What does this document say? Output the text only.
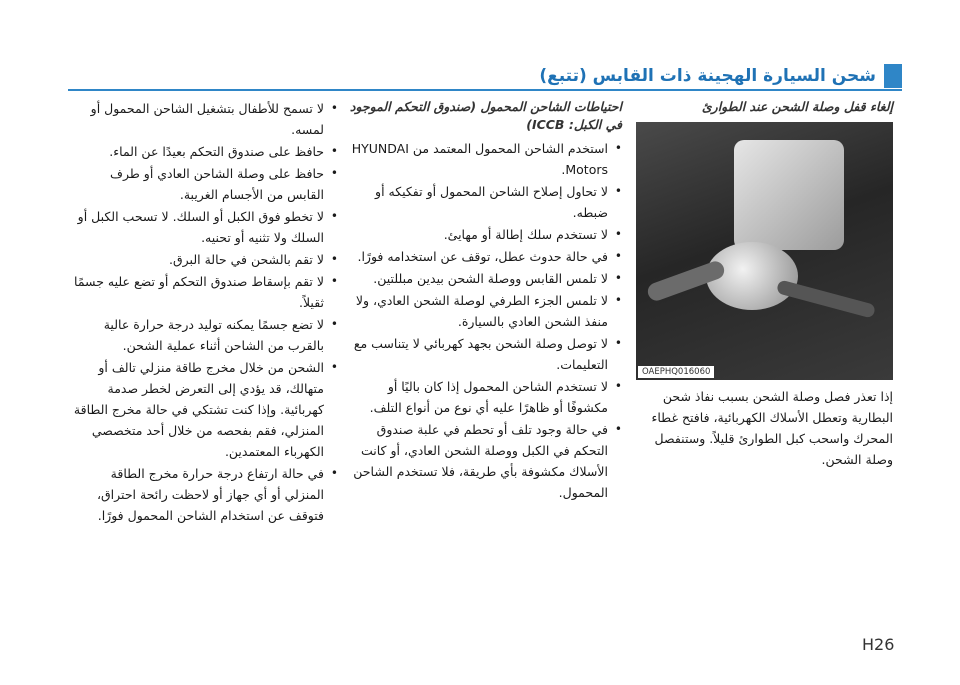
شحن السيارة الهجينة ذات القابس (تتبع)
إلغاء قفل وصلة الشحن عند الطوارئ
OAEPHQ016060

إذا تعذر فصل وصلة الشحن بسبب نفاذ شحن البطارية وتعطل الأسلاك الكهربائية، فافتح غطاء المحرك واسحب كبل الطوارئ قليلاً. وستنفصل وصلة الشحن.

احتياطات الشاحن المحمول (صندوق التحكم الموجود في الكبل: ICCB)
• استخدم الشاحن المحمول المعتمد من HYUNDAI Motors.
• لا تحاول إصلاح الشاحن المحمول أو تفكيكه أو ضبطه.
• لا تستخدم سلك إطالة أو مهايئ.
• في حالة حدوث عطل، توقف عن استخدامه فورًا.
• لا تلمس القابس ووصلة الشحن بيدين مبللتين.
• لا تلمس الجزء الطرفي لوصلة الشحن العادي، ولا منفذ الشحن العادي بالسيارة.
• لا توصل وصلة الشحن بجهد كهربائي لا يتناسب مع التعليمات.
• لا تستخدم الشاحن المحمول إذا كان باليًا أو مكشوفًا أو ظاهرًا عليه أي نوع من أنواع التلف.
• في حالة وجود تلف أو تحطم في علبة صندوق التحكم في الكبل ووصلة الشحن العادي، أو كانت الأسلاك مكشوفة بأي طريقة، فلا تستخدم الشاحن المحمول.
• لا تسمح للأطفال بتشغيل الشاحن المحمول أو لمسه.
• حافظ على صندوق التحكم بعيدًا عن الماء.
• حافظ على وصلة الشاحن العادي أو طرف القابس من الأجسام الغريبة.
• لا تخطو فوق الكبل أو السلك. لا تسحب الكبل أو السلك ولا تثنيه أو تحنيه.
• لا تقم بالشحن في حالة البرق.
• لا تقم بإسقاط صندوق التحكم أو تضع عليه جسمًا ثقيلاً.
• لا تضع جسمًا يمكنه توليد درجة حرارة عالية بالقرب من الشاحن أثناء عملية الشحن.
• الشحن من خلال مخرج طاقة منزلي تالف أو متهالك، قد يؤدي إلى التعرض لخطر صدمة كهربائية. وإذا كنت تشتكي في حالة مخرج الطاقة المنزلي، فقم بفحصه من خلال أحد متخصصي الكهرباء المعتمدين.
• في حالة ارتفاع درجة حرارة مخرج الطاقة المنزلي أو أي جهاز أو لاحظت رائحة احتراق، فتوقف عن استخدام الشاحن المحمول فورًا.
H26
